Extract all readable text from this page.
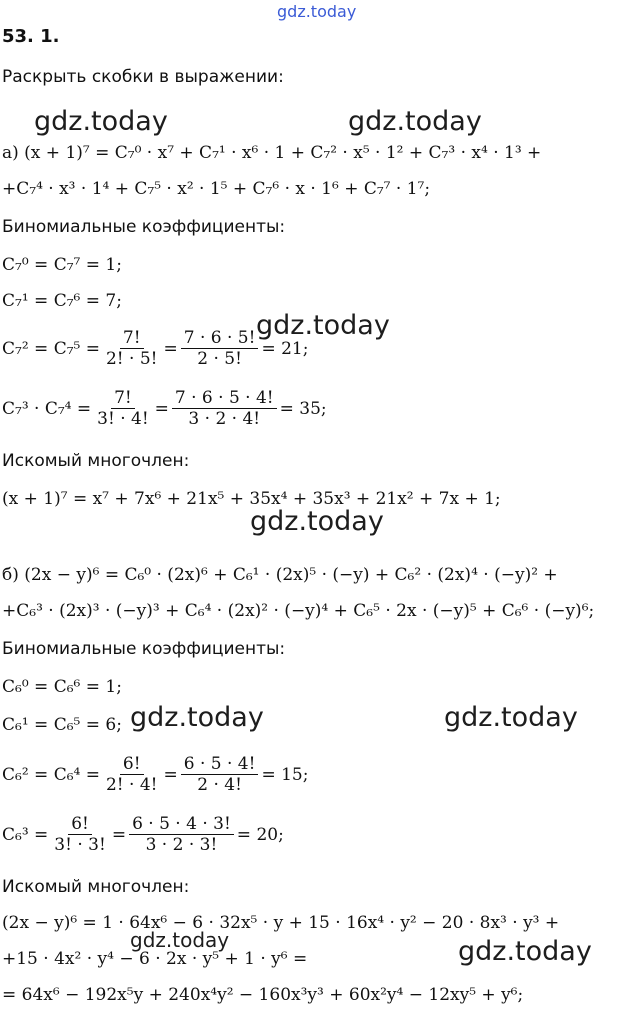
gdz.today
gdz.today	gdz.today
gdz.today
gdz.today
gdz.today	gdz.today
gdz.today	gdz.today
53. 1.
Раскрыть скобки в выражении:
а) (x + 1)⁷ = C₇⁰ · x⁷ + C₇¹ · x⁶ · 1 + C₇² · x⁵ · 1² + C₇³ · x⁴ · 1³ +
+C₇⁴ · x³ · 1⁴ + C₇⁵ · x² · 1⁵ + C₇⁶ · x · 1⁶ + C₇⁷ · 1⁷;
Биномиальные коэффициенты:
C₇⁰ = C₇⁷ = 1;
C₇¹ = C₇⁶ = 7;
$C_7^2 = C_7^5 = \frac{7!}{2! \cdot 5!} = \frac{7 \cdot 6 \cdot 5!}{2 \cdot 5!} = 21$;
$C_7^3 \cdot C_7^4 = \frac{7!}{3! \cdot 4!} = \frac{7 \cdot 6 \cdot 5 \cdot 4!}{3 \cdot 2 \cdot 4!} = 35$;
Искомый многочлен:
(x + 1)⁷ = x⁷ + 7x⁶ + 21x⁵ + 35x⁴ + 35x³ + 21x² + 7x + 1;
б) (2x − y)⁶ = C₆⁰ · (2x)⁶ + C₆¹ · (2x)⁵ · (−y) + C₆² · (2x)⁴ · (−y)² +
+C₆³ · (2x)³ · (−y)³ + C₆⁴ · (2x)² · (−y)⁴ + C₆⁵ · 2x · (−y)⁵ + C₆⁶ · (−y)⁶;
Биномиальные коэффициенты:
C₆⁰ = C₆⁶ = 1;
C₆¹ = C₆⁵ = 6;
$C_6^2 = C_6^4 = \frac{6!}{2! \cdot 4!} = \frac{6 \cdot 5 \cdot 4!}{2 \cdot 4!} = 15$;
$C_6^3 = \frac{6!}{3! \cdot 3!} = \frac{6 \cdot 5 \cdot 4 \cdot 3!}{3 \cdot 2 \cdot 3!} = 20$;
Искомый многочлен:
(2x − y)⁶ = 1 · 64x⁶ − 6 · 32x⁵ · y + 15 · 16x⁴ · y² − 20 · 8x³ · y³ +
+15 · 4x² · y⁴ − 6 · 2x · y⁵ + 1 · y⁶ =
= 64x⁶ − 192x⁵y + 240x⁴y² − 160x³y³ + 60x²y⁴ − 12xy⁵ + y⁶;
